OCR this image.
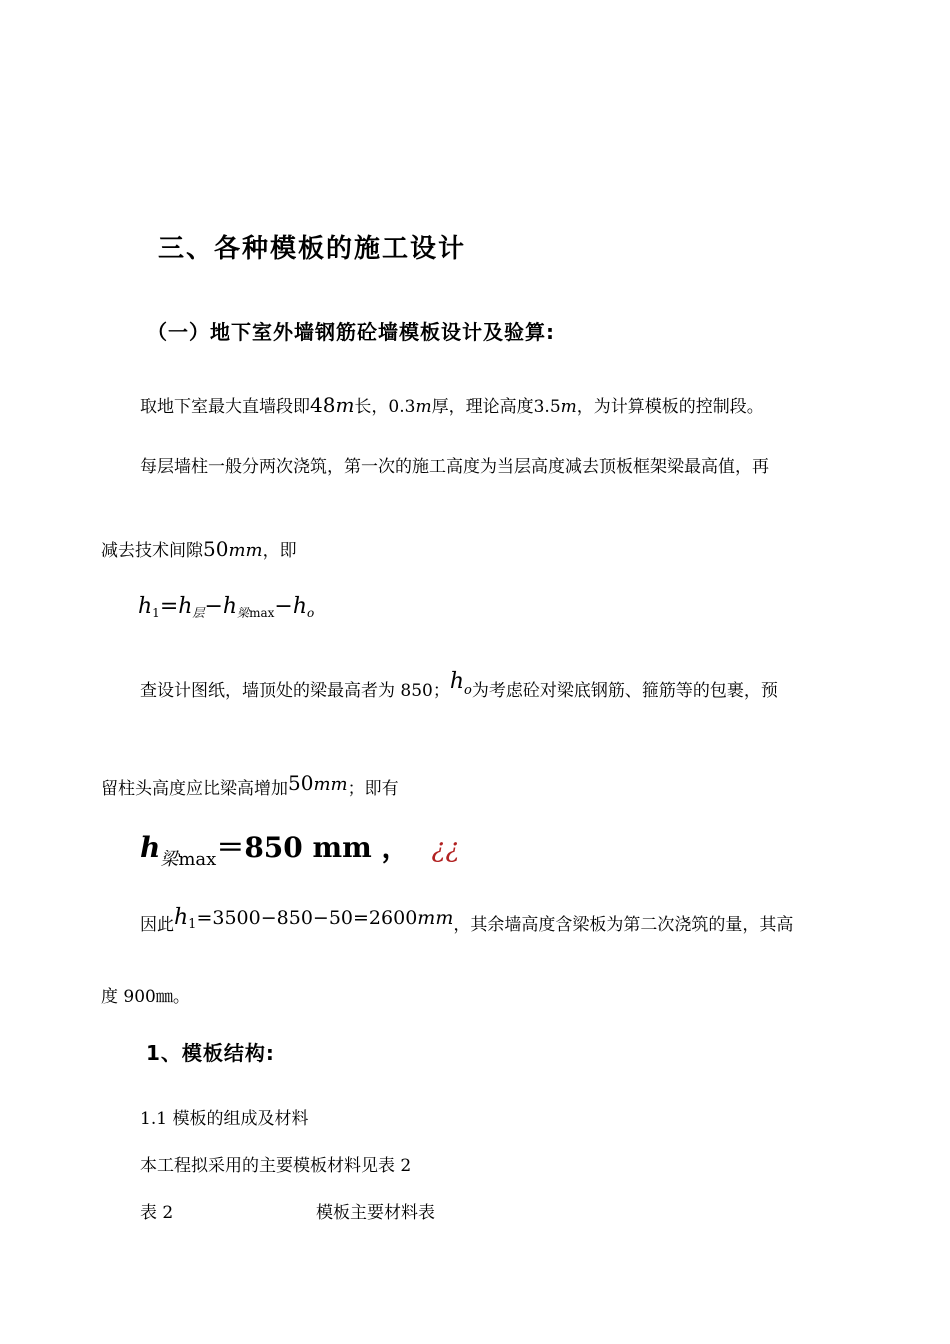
三、各种模板的施工设计
（一）地下室外墙钢筋砼墙模板设计及验算:
取地下室最大直墙段即48m长，0.3m厚，理论高度3.5m，为计算模板的控制段。
每层墙柱一般分两次浇筑，第一次的施工高度为当层高度减去顶板框架梁最高值，再
减去技术间隙50mm，即
$h_1=h_层-h_{梁max}-h_o$
查设计图纸，墙顶处的梁最高者为 850；ho为考虑砼对梁底钢筋、箍筋等的包裹，预
留柱头高度应比梁高增加50mm；即有
$h_{梁max}=850$ mm ， ¿¿
因此h1=3500−850−50=2600mm，其余墙高度含梁板为第二次浇筑的量，其高
度 900㎜。
1、模板结构:
1.1 模板的组成及材料
本工程拟采用的主要模板材料见表 2
表 2	模板主要材料表
